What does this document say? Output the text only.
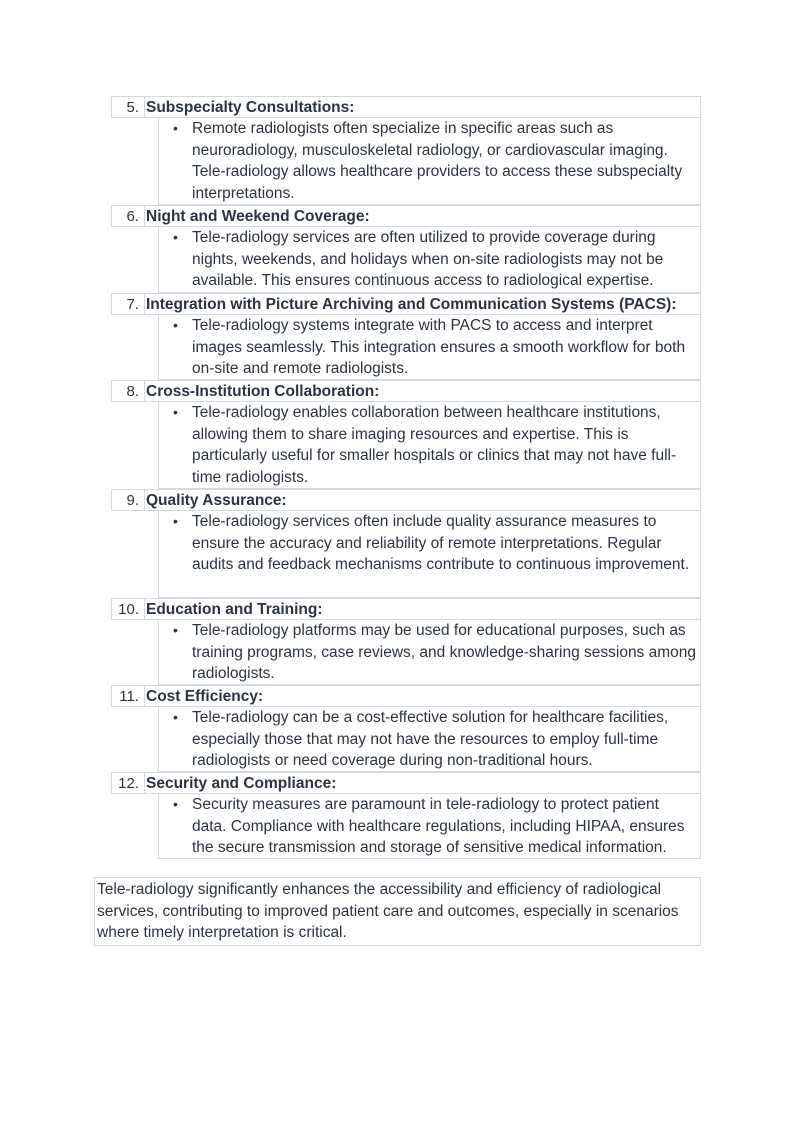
5. Subspecialty Consultations:
• Remote radiologists often specialize in specific areas such as neuroradiology, musculoskeletal radiology, or cardiovascular imaging. Tele-radiology allows healthcare providers to access these subspecialty interpretations.
6. Night and Weekend Coverage:
• Tele-radiology services are often utilized to provide coverage during nights, weekends, and holidays when on-site radiologists may not be available. This ensures continuous access to radiological expertise.
7. Integration with Picture Archiving and Communication Systems (PACS):
• Tele-radiology systems integrate with PACS to access and interpret images seamlessly. This integration ensures a smooth workflow for both on-site and remote radiologists.
8. Cross-Institution Collaboration:
• Tele-radiology enables collaboration between healthcare institutions, allowing them to share imaging resources and expertise. This is particularly useful for smaller hospitals or clinics that may not have full-time radiologists.
9. Quality Assurance:
• Tele-radiology services often include quality assurance measures to ensure the accuracy and reliability of remote interpretations. Regular audits and feedback mechanisms contribute to continuous improvement.
10. Education and Training:
• Tele-radiology platforms may be used for educational purposes, such as training programs, case reviews, and knowledge-sharing sessions among radiologists.
11. Cost Efficiency:
• Tele-radiology can be a cost-effective solution for healthcare facilities, especially those that may not have the resources to employ full-time radiologists or need coverage during non-traditional hours.
12. Security and Compliance:
• Security measures are paramount in tele-radiology to protect patient data. Compliance with healthcare regulations, including HIPAA, ensures the secure transmission and storage of sensitive medical information.
Tele-radiology significantly enhances the accessibility and efficiency of radiological services, contributing to improved patient care and outcomes, especially in scenarios where timely interpretation is critical.
